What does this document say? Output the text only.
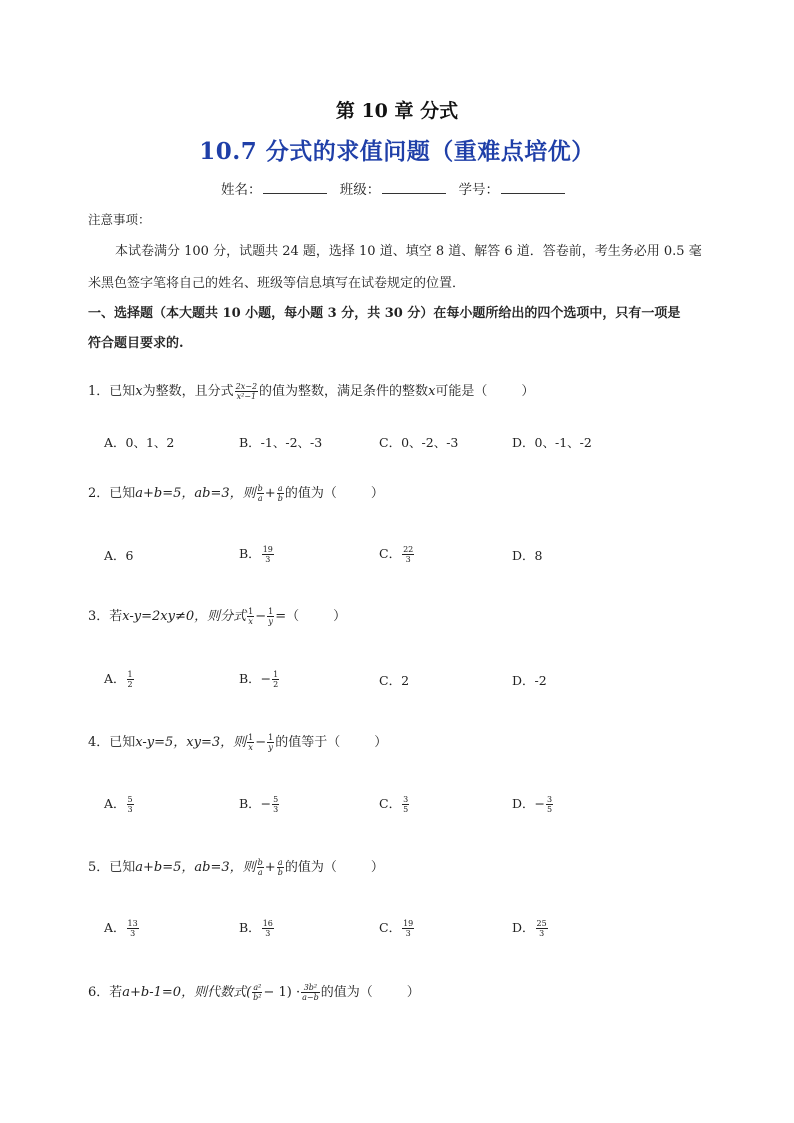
第 10 章 分式
10.7 分式的求值问题（重难点培优）
姓名：	班级：	学号：
注意事项：
本试卷满分 100 分，试题共 24 题，选择 10 道、填空 8 道、解答 6 道．答卷前，考生务必用 0.5 毫
米黑色签字笔将自己的姓名、班级等信息填写在试卷规定的位置．
一、选择题（本大题共 10 小题，每小题 3 分，共 30 分）在每小题所给出的四个选项中，只有一项是
符合题目要求的.
1．已知x为整数，且分式 $\frac{2x-2}{\text{x²−1}}$ 的值为整数，满足条件的整数x可能是（	）
A．0、1、2	B．-1、-2、-3	C．0、-2、-3	D．0、-1、-2
2．已知a+b=5，ab=3，则 $\frac{b}{a} + \frac{a}{b}$ 的值为（	）
A．6	B． $\frac{19}{3}$	C． $\frac{22}{3}$	D．8
3．若x-y=2xy≠0，则分式 $\frac{1}{x} - \frac{1}{y}$ =（	）
A． $\frac{1}{2}$	B．− $\frac{1}{2}$	C．2	D．-2
4．已知x-y=5，xy=3，则 $\frac{1}{x} - \frac{1}{y}$ 的值等于（	）
A． $\frac{5}{3}$	B．− $\frac{5}{3}$	C． $\frac{3}{5}$	D．− $\frac{3}{5}$
5．已知a+b=5，ab=3，则 $\frac{b}{a} + \frac{a}{b}$ 的值为（	）
A． $\frac{13}{3}$	B． $\frac{16}{3}$	C． $\frac{19}{3}$	D． $\frac{25}{3}$
6．若a+b-1=0，则代数式( $\frac{\text{a²}}{\text{b²}} - 1) \cdot \frac{\text{3b²}}{a-b}$ 的值为（	）
